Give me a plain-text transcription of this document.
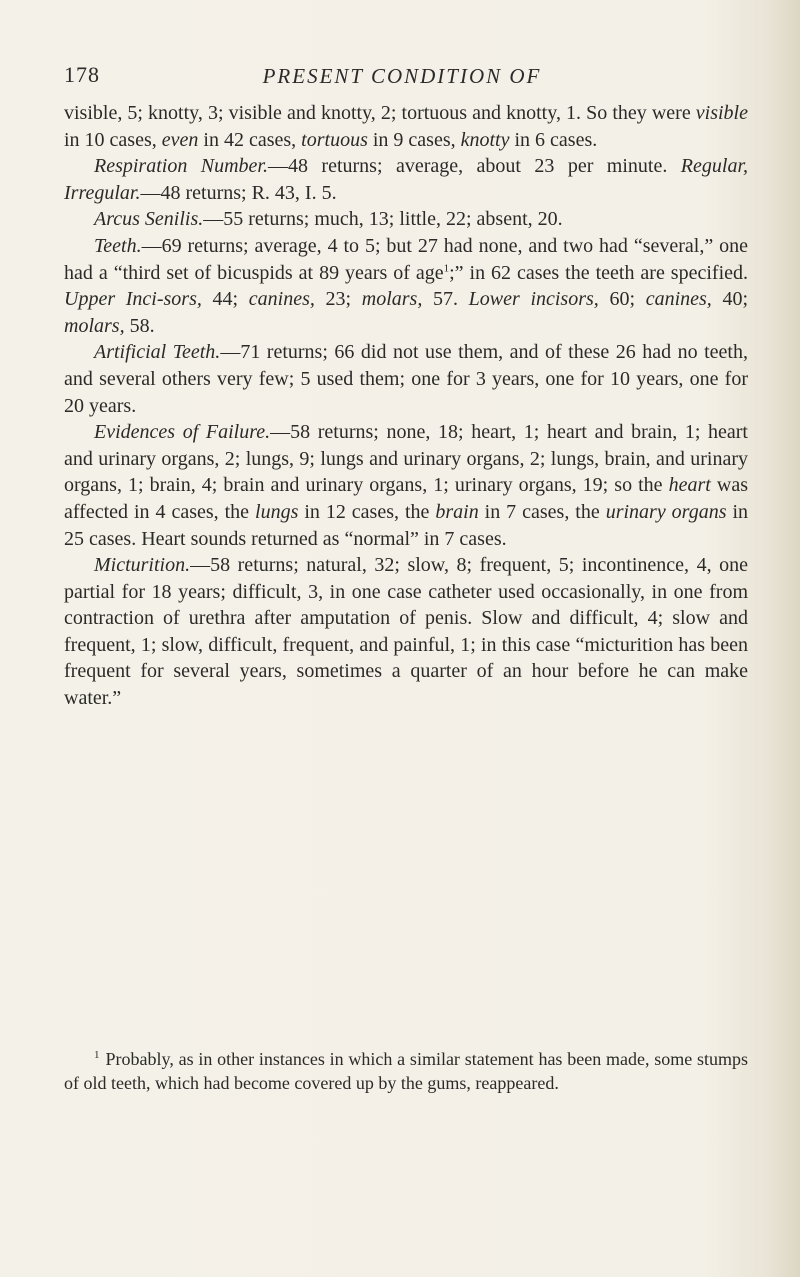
178	PRESENT CONDITION OF

visible, 5; knotty, 3; visible and knotty, 2; tortuous and knotty, 1. So they were visible in 10 cases, even in 42 cases, tortuous in 9 cases, knotty in 6 cases.

Respiration Number.—48 returns; average, about 23 per minute. Regular, Irregular.—48 returns; R. 43, I. 5.

Arcus Senilis.—55 returns; much, 13; little, 22; absent, 20.

Teeth.—69 returns; average, 4 to 5; but 27 had none, and two had “several,” one had a “third set of bicuspids at 89 years of age$^1$;” in 62 cases the teeth are specified. Upper Inci-sors, 44; canines, 23; molars, 57. Lower incisors, 60; canines, 40; molars, 58.

Artificial Teeth.—71 returns; 66 did not use them, and of these 26 had no teeth, and several others very few; 5 used them; one for 3 years, one for 10 years, one for 20 years.

Evidences of Failure.—58 returns; none, 18; heart, 1; heart and brain, 1; heart and urinary organs, 2; lungs, 9; lungs and urinary organs, 2; lungs, brain, and urinary organs, 1; brain, 4; brain and urinary organs, 1; urinary organs, 19; so the heart was affected in 4 cases, the lungs in 12 cases, the brain in 7 cases, the urinary organs in 25 cases. Heart sounds returned as “normal” in 7 cases.

Micturition.—58 returns; natural, 32; slow, 8; frequent, 5; incontinence, 4, one partial for 18 years; difficult, 3, in one case catheter used occasionally, in one from contraction of urethra after amputation of penis. Slow and difficult, 4; slow and frequent, 1; slow, difficult, frequent, and painful, 1; in this case “micturition has been frequent for several years, sometimes a quarter of an hour before he can make water.”

$^1$ Probably, as in other instances in which a similar statement has been made, some stumps of old teeth, which had become covered up by the gums, reappeared.
